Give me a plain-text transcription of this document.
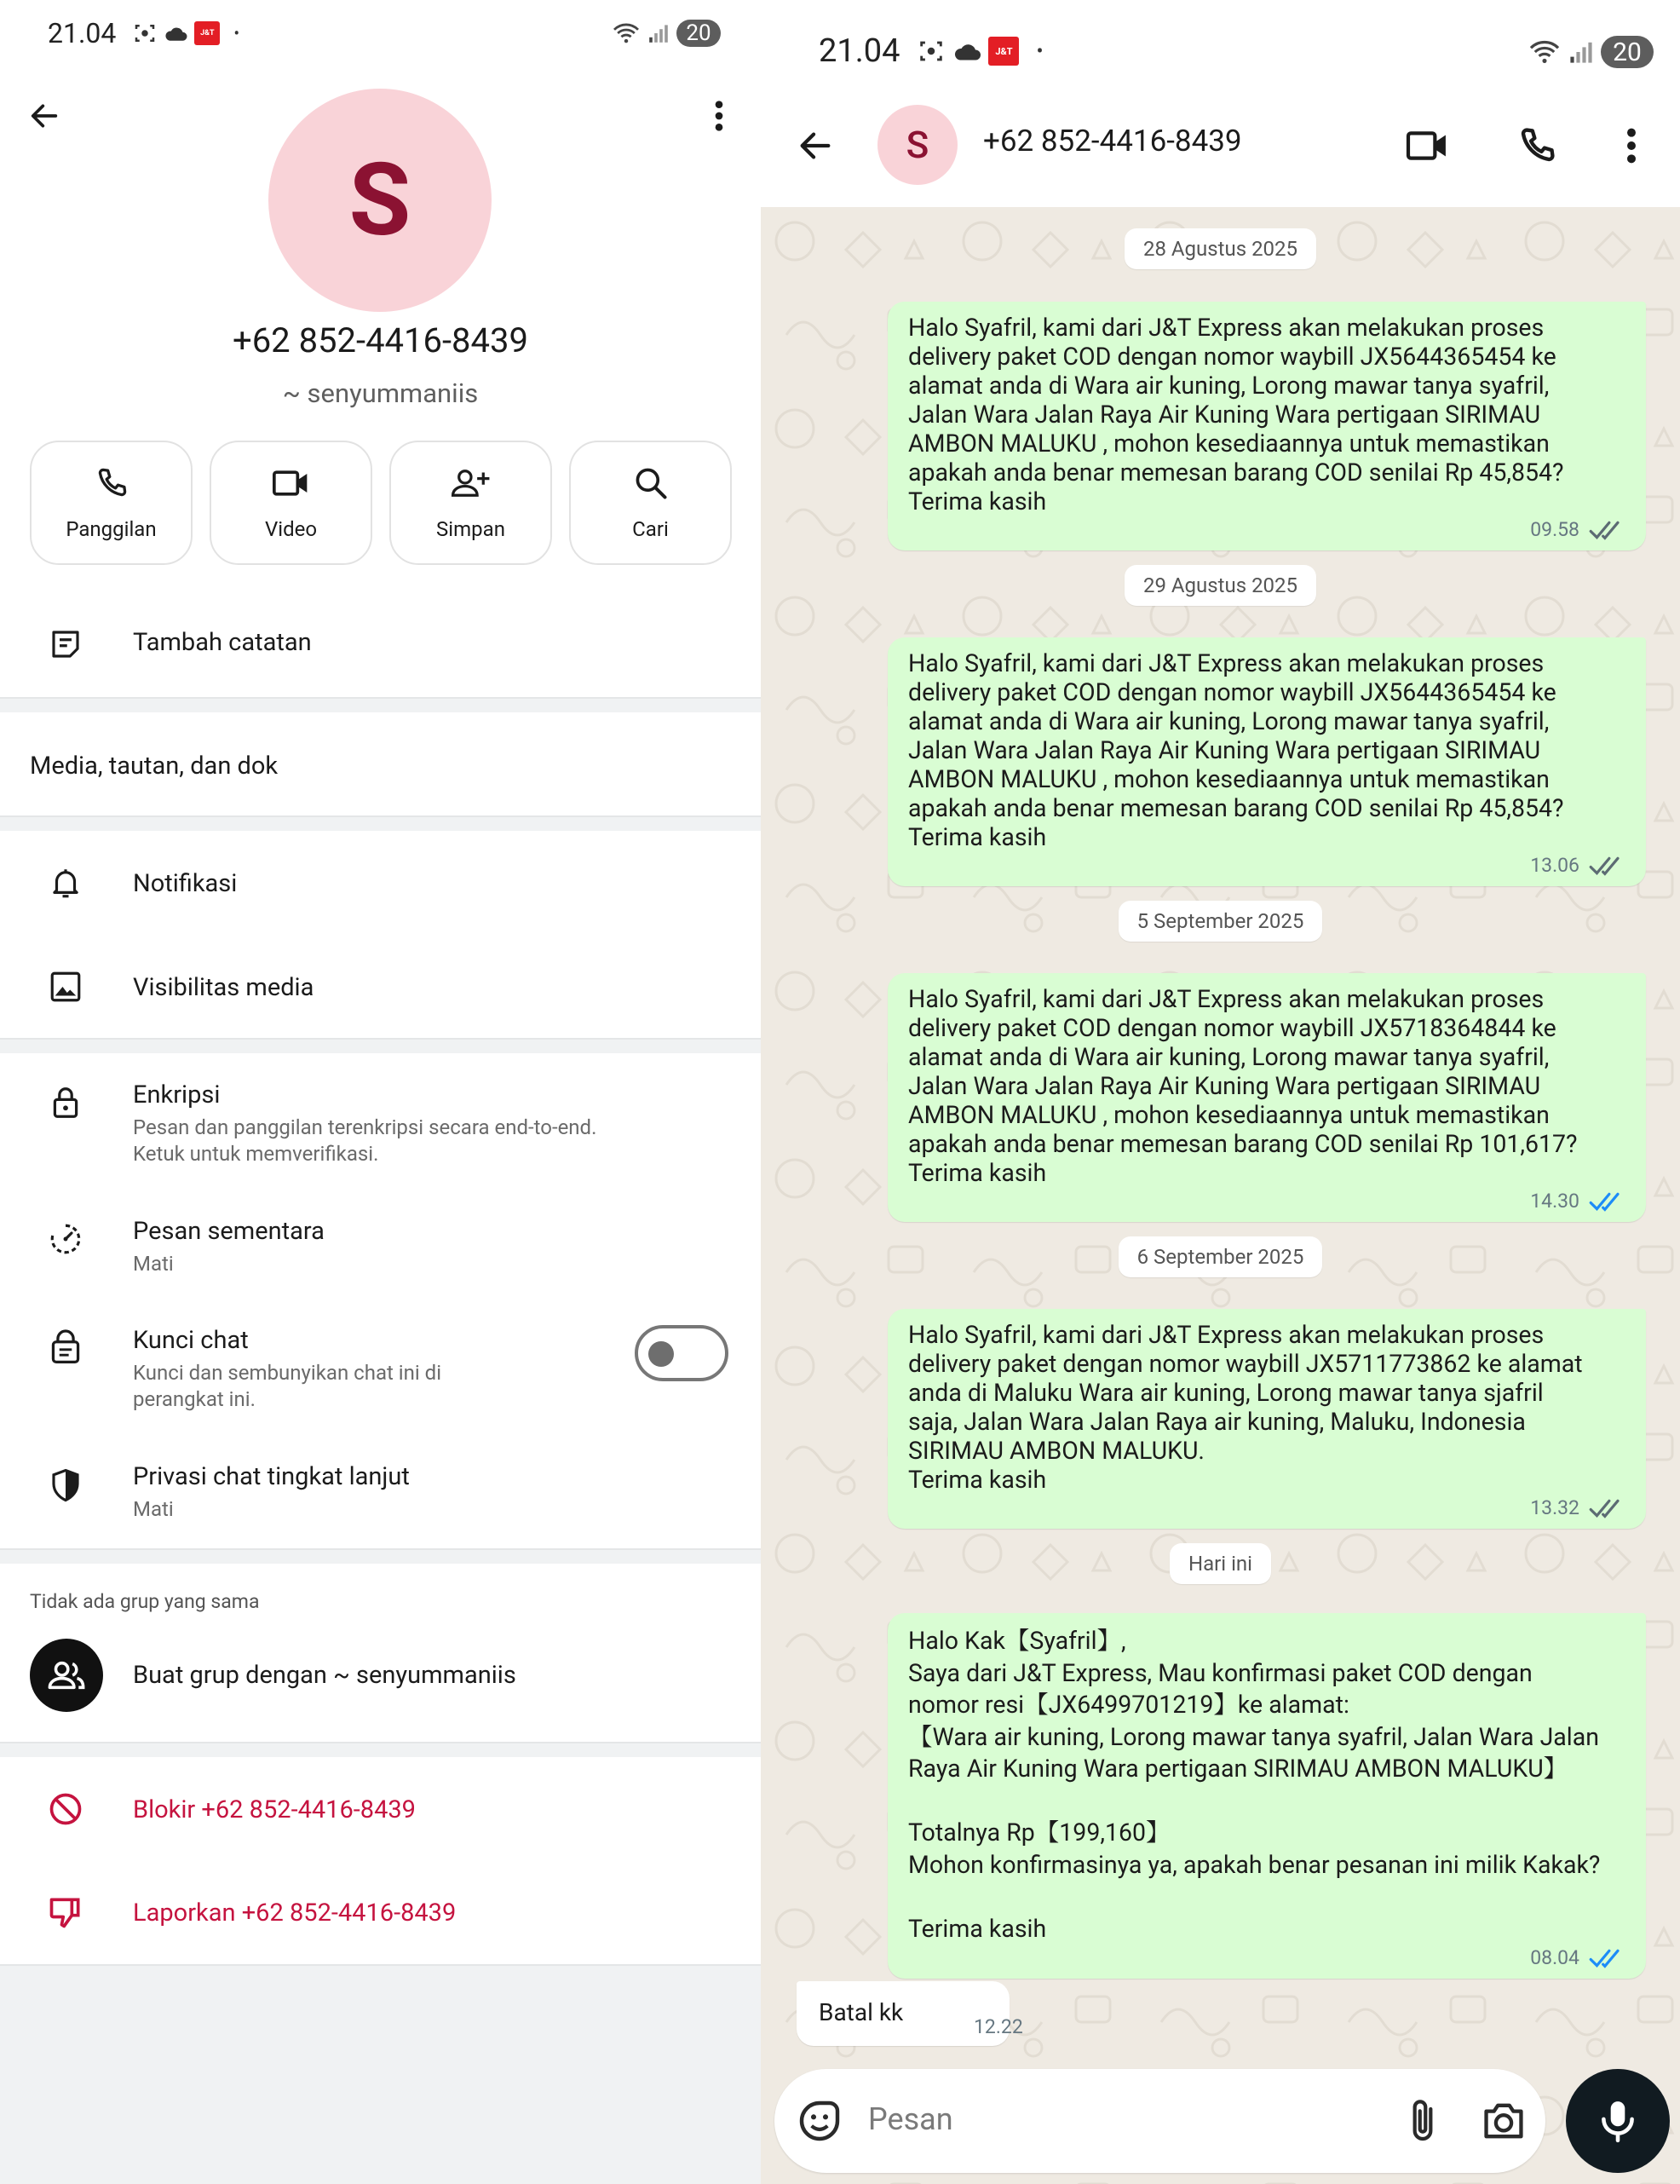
21.04	J&T	•	20
S
+62 852-4416-8439
~ senyummaniis
Panggilan	Video	Simpan	Cari
Tambah catatan
Media, tautan, dan dok
Notifikasi
Visibilitas media
Enkripsi
Pesan dan panggilan terenkripsi secara end-to-end.
Ketuk untuk memverifikasi.
Pesan sementara
Mati
Kunci chat
Kunci dan sembunyikan chat ini di
perangkat ini.
Privasi chat tingkat lanjut
Mati
Tidak ada grup yang sama
Buat grup dengan ~ senyummaniis
Blokir +62 852-4416-8439
Laporkan +62 852-4416-8439
21.04	J&T	•	20
S	+62 852-4416-8439
28 Agustus 2025
Halo Syafril, kami dari J&T Express akan melakukan proses
delivery paket COD dengan nomor waybill JX5644365454 ke
alamat anda di Wara air kuning, Lorong mawar tanya syafril,
Jalan Wara Jalan Raya Air Kuning Wara pertigaan SIRIMAU
AMBON MALUKU , mohon kesediaannya untuk memastikan
apakah anda benar memesan barang COD senilai Rp 45,854?
Terima kasih
09.58
29 Agustus 2025
Halo Syafril, kami dari J&T Express akan melakukan proses
delivery paket COD dengan nomor waybill JX5644365454 ke
alamat anda di Wara air kuning, Lorong mawar tanya syafril,
Jalan Wara Jalan Raya Air Kuning Wara pertigaan SIRIMAU
AMBON MALUKU , mohon kesediaannya untuk memastikan
apakah anda benar memesan barang COD senilai Rp 45,854?
Terima kasih
13.06
5 September 2025
Halo Syafril, kami dari J&T Express akan melakukan proses
delivery paket COD dengan nomor waybill JX5718364844 ke
alamat anda di Wara air kuning, Lorong mawar tanya syafril,
Jalan Wara Jalan Raya Air Kuning Wara pertigaan SIRIMAU
AMBON MALUKU , mohon kesediaannya untuk memastikan
apakah anda benar memesan barang COD senilai Rp 101,617?
Terima kasih
14.30
6 September 2025
Halo Syafril, kami dari J&T Express akan melakukan proses
delivery paket dengan nomor waybill JX5711773862 ke alamat
anda di Maluku Wara air kuning, Lorong mawar tanya sjafril
saja, Jalan Wara Jalan Raya air kuning, Maluku, Indonesia
SIRIMAU AMBON MALUKU.
Terima kasih
13.32
Hari ini
Halo Kak【Syafril】,
Saya dari J&T Express, Mau konfirmasi paket COD dengan
nomor resi【JX6499701219】ke alamat:
【Wara air kuning, Lorong mawar tanya syafril, Jalan Wara Jalan
Raya Air Kuning Wara pertigaan SIRIMAU AMBON MALUKU】

Totalnya Rp【199,160】
Mohon konfirmasinya ya, apakah benar pesanan ini milik Kakak?

Terima kasih
08.04
Batal kk
12.22
Pesan
